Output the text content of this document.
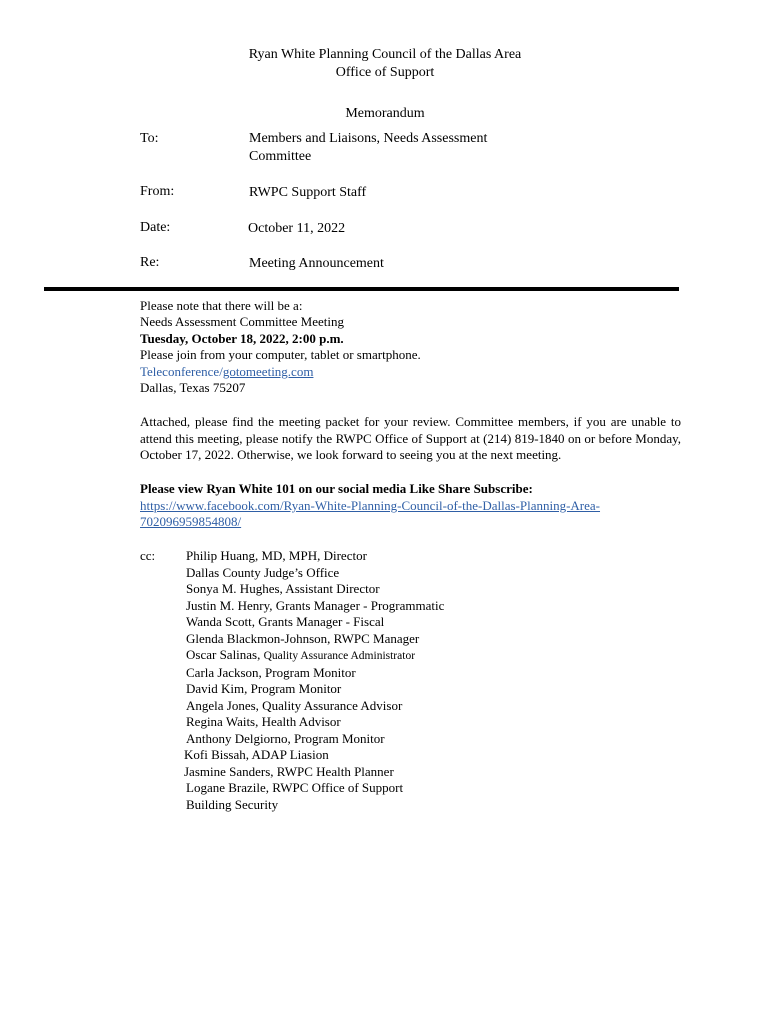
Ryan White Planning Council of the Dallas Area
Office of Support
Memorandum
To:	Members and Liaisons, Needs Assessment Committee
From:	RWPC Support Staff
Date:	October 11, 2022
Re:	Meeting Announcement
Please note that there will be a:
Needs Assessment Committee Meeting
Tuesday, October 18, 2022, 2:00 p.m.
Please join from your computer, tablet or smartphone.
Teleconference/gotomeeting.com
Dallas, Texas 75207
Attached, please find the meeting packet for your review. Committee members, if you are unable to attend this meeting, please notify the RWPC Office of Support at (214) 819-1840 on or before Monday, October 17, 2022. Otherwise, we look forward to seeing you at the next meeting.
Please view Ryan White 101 on our social media Like Share Subscribe:
https://www.facebook.com/Ryan-White-Planning-Council-of-the-Dallas-Planning-Area-
702096959854808/
cc: Philip Huang, MD, MPH, Director
Dallas County Judge’s Office
Sonya M. Hughes, Assistant Director
Justin M. Henry, Grants Manager - Programmatic
Wanda Scott, Grants Manager - Fiscal
Glenda Blackmon-Johnson, RWPC Manager
Oscar Salinas, Quality Assurance Administrator
Carla Jackson, Program Monitor
David Kim, Program Monitor
Angela Jones, Quality Assurance Advisor
Regina Waits, Health Advisor
Anthony Delgiorno, Program Monitor
Kofi Bissah, ADAP Liasion
Jasmine Sanders, RWPC Health Planner
Logane Brazile, RWPC Office of Support
Building Security
